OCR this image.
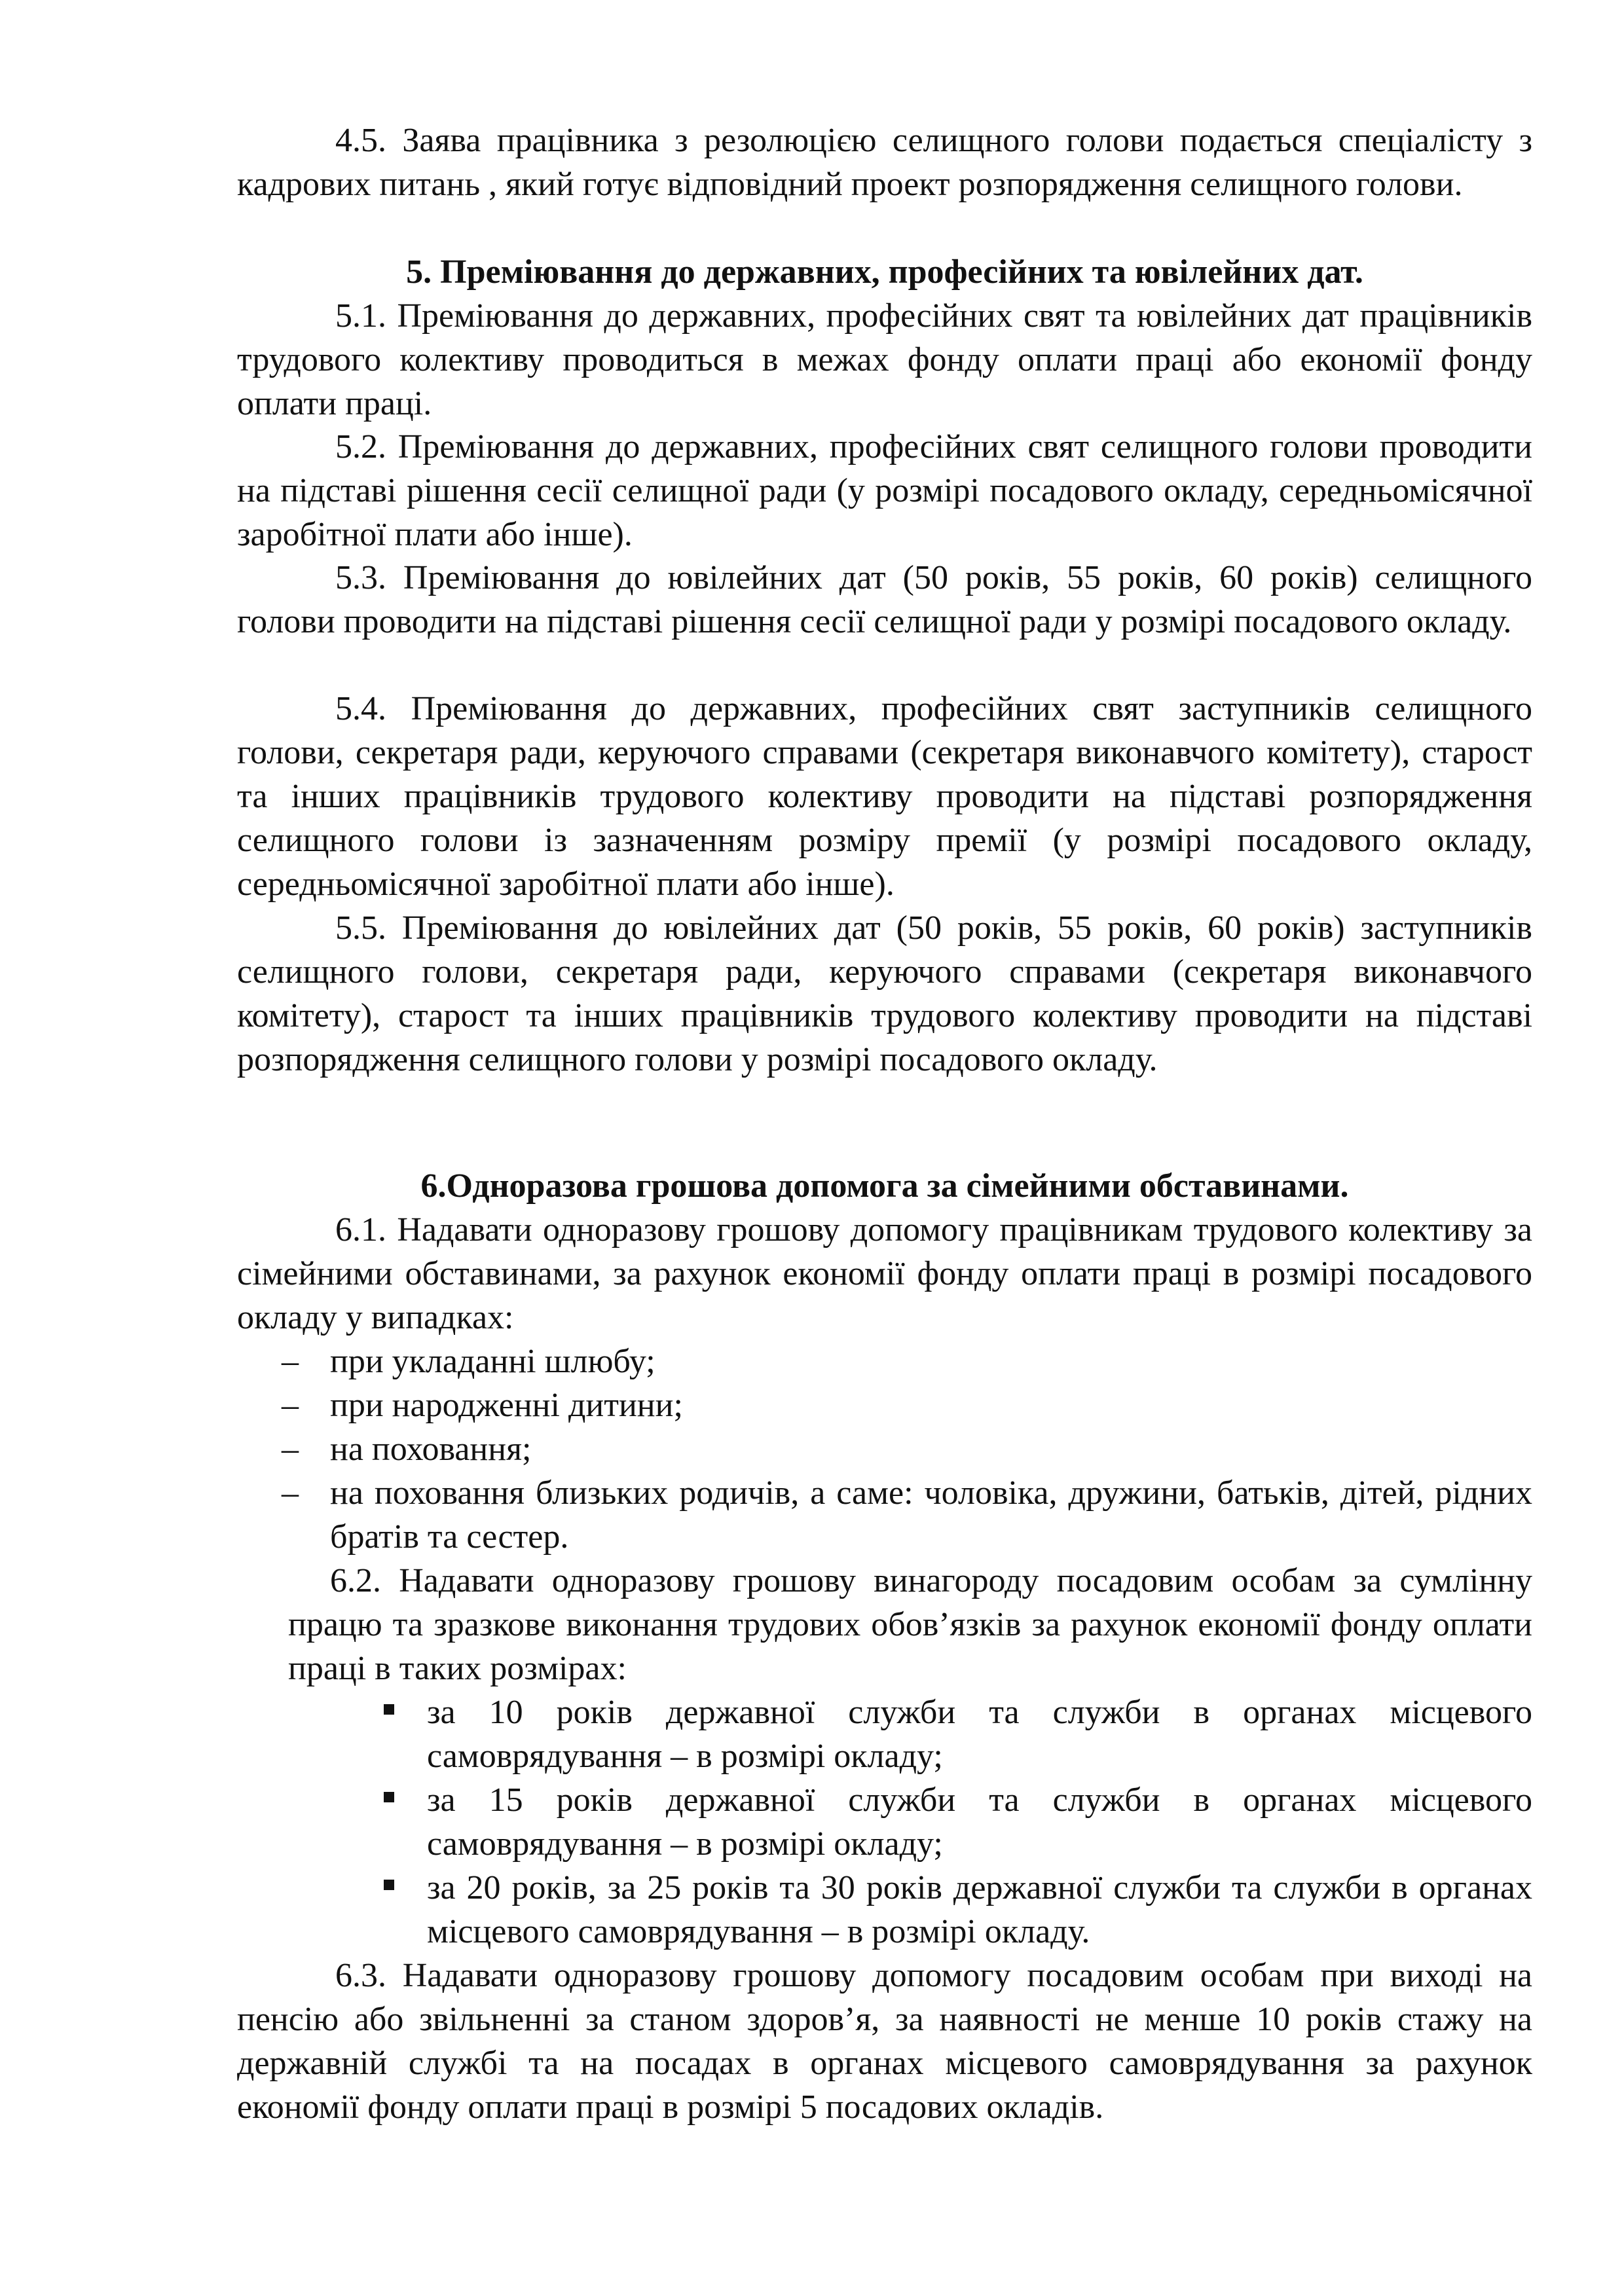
4.5. Заява працівника з резолюцією селищного голови подається спеціалісту з кадрових питань , який готує відповідний проект розпорядження селищного голови.

5. Преміювання до державних, професійних та ювілейних дат.

5.1. Преміювання до державних, професійних свят та ювілейних дат працівників трудового колективу проводиться в межах фонду оплати праці або економії фонду оплати праці.

5.2. Преміювання до державних, професійних свят селищного голови проводити на підставі рішення сесії селищної ради (у розмірі посадового окладу, середньомісячної заробітної плати або інше).

5.3. Преміювання до ювілейних дат (50 років, 55 років, 60 років) селищного голови проводити на підставі рішення сесії селищної ради у розмірі посадового окладу.

5.4. Преміювання до державних, професійних свят заступників селищного голови, секретаря ради, керуючого справами (секретаря виконавчого комітету), старост та інших працівників трудового колективу проводити на підставі розпорядження селищного голови із зазначенням розміру премії (у розмірі посадового окладу, середньомісячної заробітної плати або інше).

5.5. Преміювання до ювілейних дат (50 років, 55 років, 60 років) заступників селищного голови, секретаря ради, керуючого справами (секретаря виконавчого комітету), старост та інших працівників трудового колективу проводити на підставі розпорядження селищного голови у розмірі посадового окладу.

6.Одноразова грошова допомога за сімейними обставинами.

6.1. Надавати одноразову грошову допомогу працівникам трудового колективу за сімейними обставинами, за рахунок економії фонду оплати праці в розмірі посадового окладу у випадках:

– при укладанні шлюбу;

– при народженні дитини;

– на поховання;

– на поховання близьких родичів, а саме: чоловіка, дружини, батьків, дітей, рідних братів та сестер.

6.2. Надавати одноразову грошову винагороду посадовим особам за сумлінну працю та зразкове виконання трудових обов’язків за рахунок економії фонду оплати праці в таких розмірах:

за 10 років державної служби та служби в органах місцевого самоврядування – в розмірі окладу;

за 15 років державної служби та служби в органах місцевого самоврядування – в розмірі окладу;

за 20 років, за 25 років та 30 років державної служби та служби в органах місцевого самоврядування – в розмірі окладу.

6.3. Надавати одноразову грошову допомогу посадовим особам при виході на пенсію або звільненні за станом здоров’я, за наявності не менше 10 років стажу на державній службі та на посадах в органах місцевого самоврядування за рахунок економії фонду оплати праці в розмірі 5 посадових окладів.
